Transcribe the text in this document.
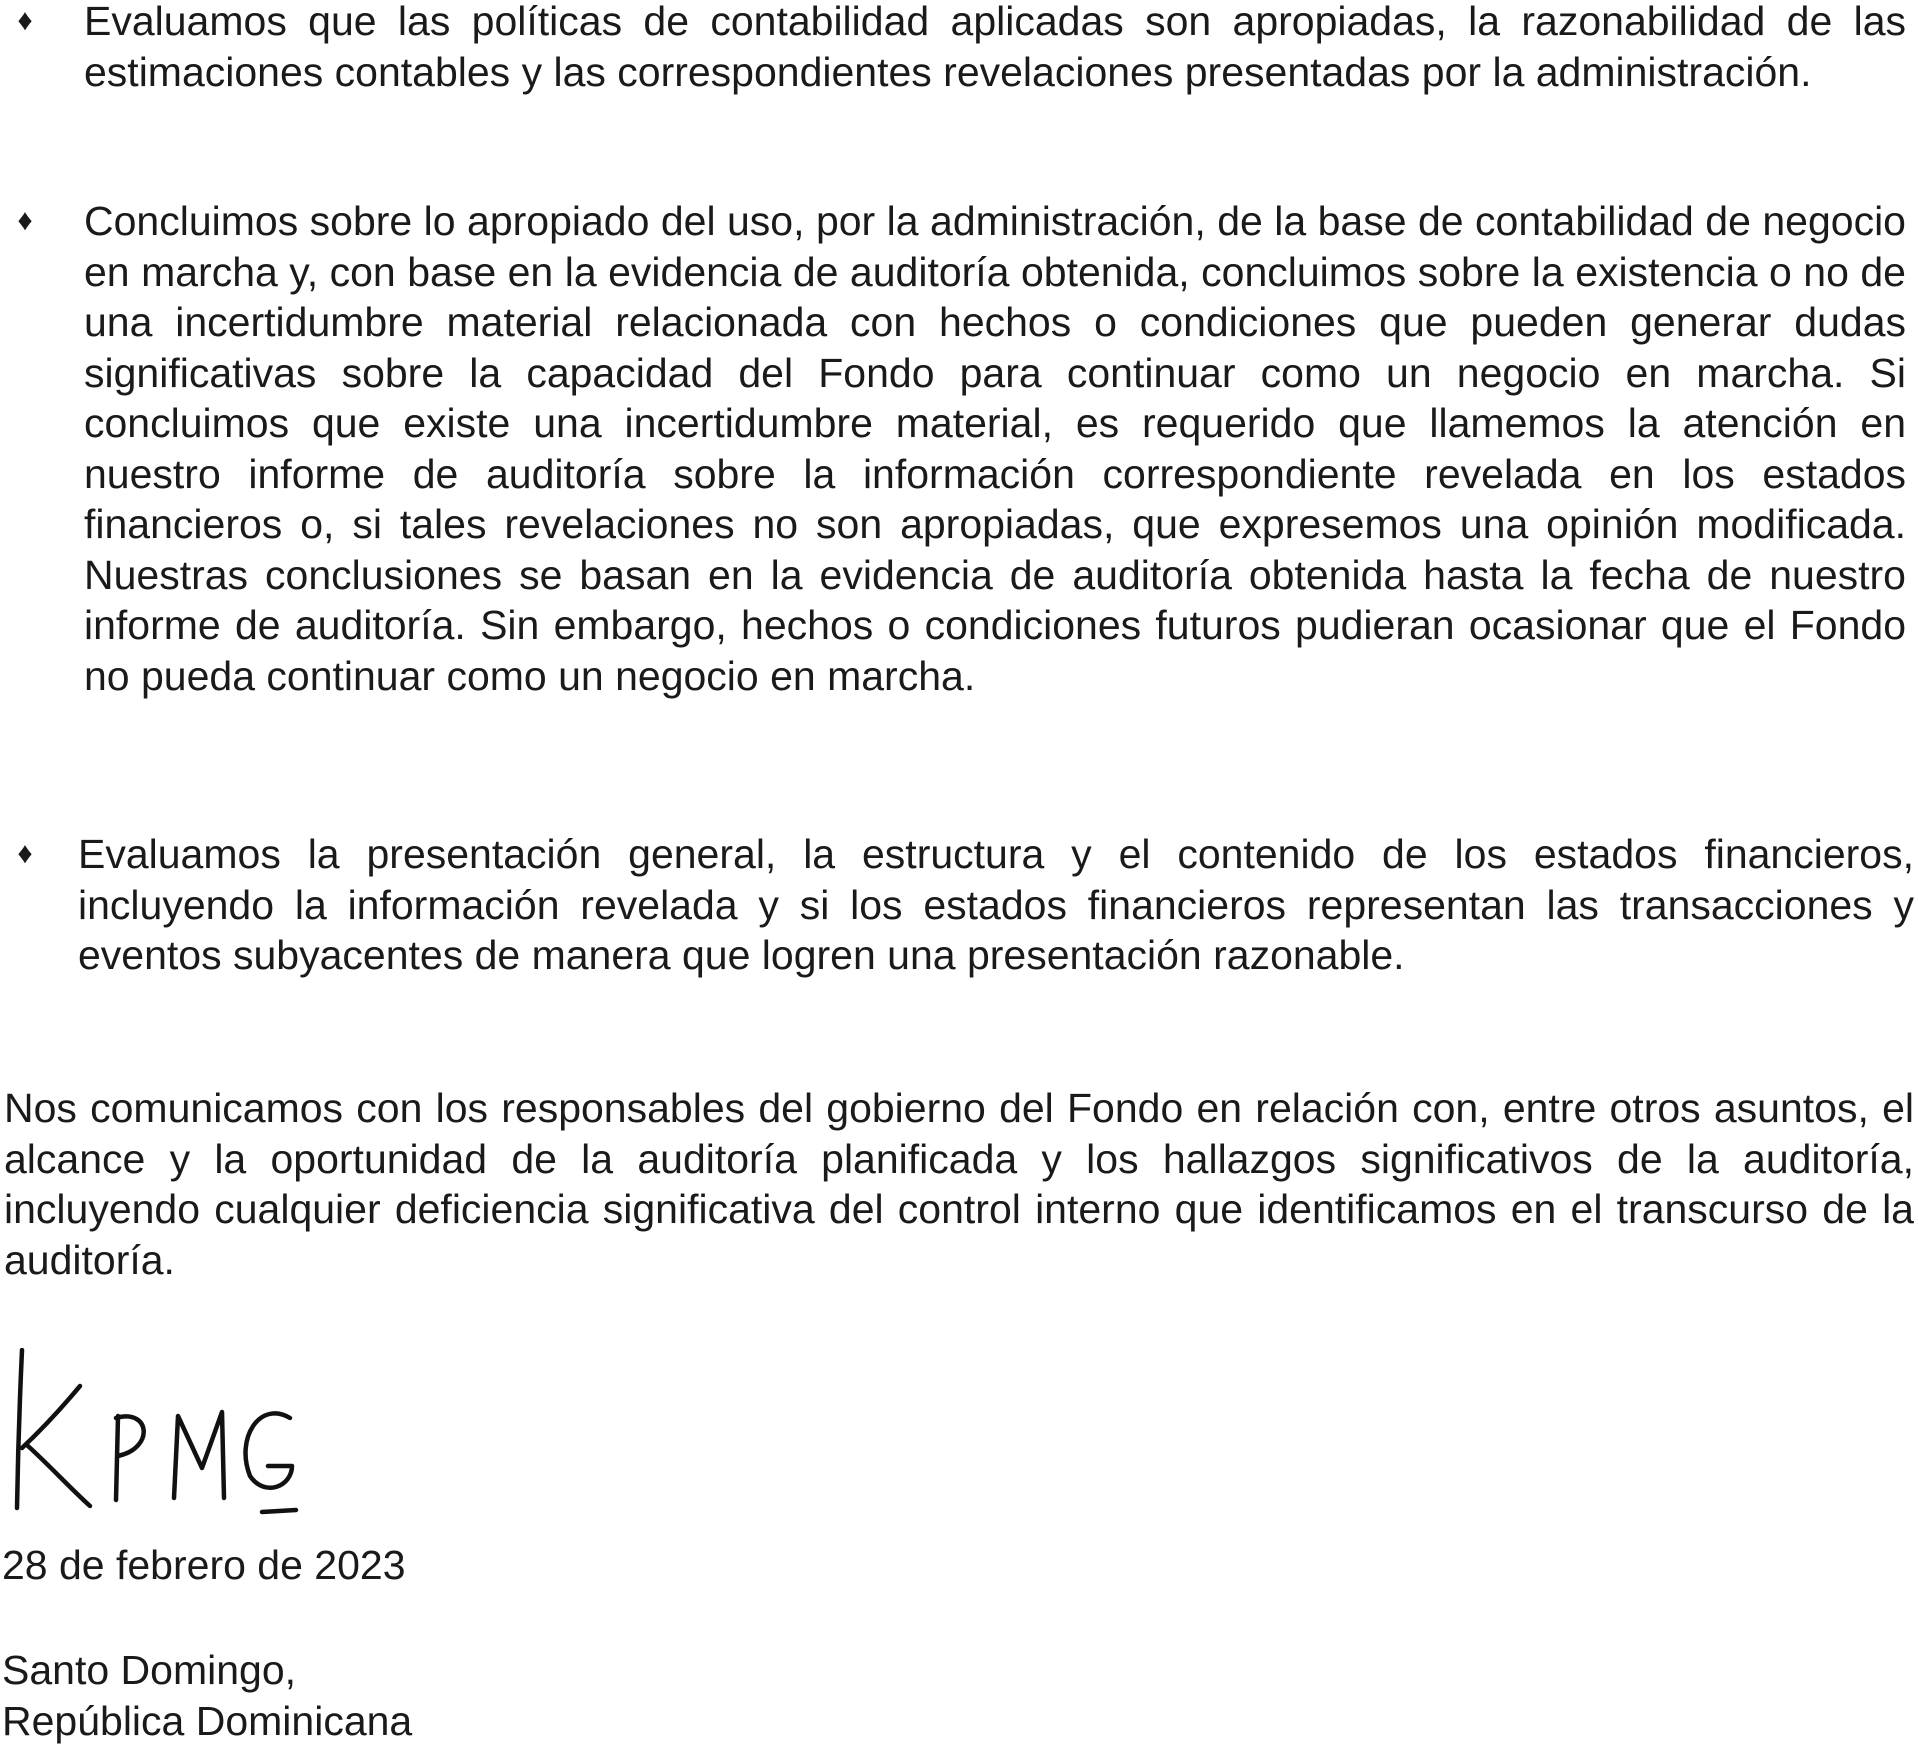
♦ Evaluamos que las políticas de contabilidad aplicadas son apropiadas, la razonabilidad de las estimaciones contables y las correspondientes revelaciones presentadas por la administración.
♦ Concluimos sobre lo apropiado del uso, por la administración, de la base de contabilidad de negocio en marcha y, con base en la evidencia de auditoría obtenida, concluimos sobre la existencia o no de una incertidumbre material relacionada con hechos o condiciones que pueden generar dudas significativas sobre la capacidad del Fondo para continuar como un negocio en marcha. Si concluimos que existe una incertidumbre material, es requerido que llamemos la atención en nuestro informe de auditoría sobre la información correspondiente revelada en los estados financieros o, si tales revelaciones no son apropiadas, que expresemos una opinión modificada. Nuestras conclusiones se basan en la evidencia de auditoría obtenida hasta la fecha de nuestro informe de auditoría. Sin embargo, hechos o condiciones futuros pudieran ocasionar que el Fondo no pueda continuar como un negocio en marcha.
♦ Evaluamos la presentación general, la estructura y el contenido de los estados financieros, incluyendo la información revelada y si los estados financieros representan las transacciones y eventos subyacentes de manera que logren una presentación razonable.
Nos comunicamos con los responsables del gobierno del Fondo en relación con, entre otros asuntos, el alcance y la oportunidad de la auditoría planificada y los hallazgos significativos de la auditoría, incluyendo cualquier deficiencia significativa del control interno que identificamos en el transcurso de la auditoría.
28 de febrero de 2023
Santo Domingo,
República Dominicana
